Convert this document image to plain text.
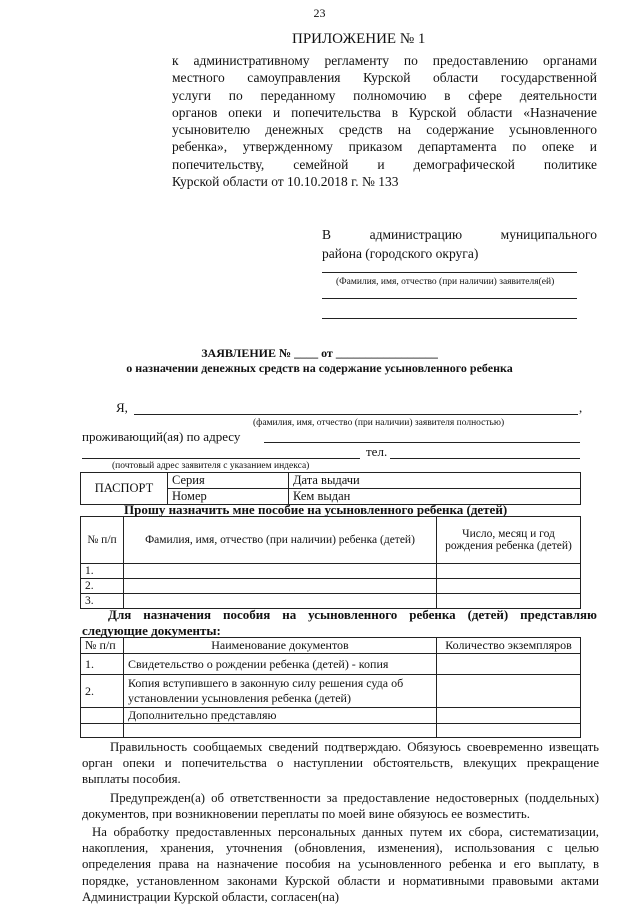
23
ПРИЛОЖЕНИЕ № 1
к административному регламенту по предоставлению органами
местного самоуправления Курской области государственной
услуги по переданному полномочию в сфере деятельности
органов опеки и попечительства в Курской области «Назначение
усыновителю денежных средств на содержание усыновленного
ребенка», утвержденному приказом департамента по опеке и
попечительству, семейной и демографической политике
Курской области от 10.10.2018 г. № 133
В администрацию муниципального
района (городского округа)
(Фамилия, имя, отчество (при наличии) заявителя(ей)
ЗАЯВЛЕНИЕ № ____ от _________________
о назначении денежных средств на содержание усыновленного ребенка
Я,	,
(фамилия, имя, отчество (при наличии) заявителя полностью)
проживающий(ая) по адресу
тел.
(почтовый адрес заявителя с указанием индекса)
ПАСПОРТ	Серия	Дата выдачи
	Номер	Кем выдан
Прошу назначить мне пособие на усыновленного ребенка (детей)
№ п/п	Фамилия, имя, отчество (при наличии) ребенка (детей)	Число, месяц и год рождения ребенка (детей)
1.		
2.		
3.		
Для назначения пособия на усыновленного ребенка (детей) представляю
следующие документы:
№ п/п	Наименование документов	Количество экземпляров
1.	Свидетельство о рождении ребенка (детей) - копия	
2.	Копия вступившего в законную силу решения суда об
установлении усыновления ребенка (детей)	

	Дополнительно представляю	

Правильность сообщаемых сведений подтверждаю. Обязуюсь своевременно извещать
орган опеки и попечительства о наступлении обстоятельств, влекущих прекращение
выплаты пособия.
Предупрежден(а) об ответственности за предоставление недостоверных (поддельных)
документов, при возникновении переплаты по моей вине обязуюсь ее возместить.
На обработку предоставленных персональных данных путем их сбора, систематизации,
накопления, хранения, уточнения (обновления, изменения), использования с целью
определения права на назначение пособия на усыновленного ребенка и его выплату, в
порядке, установленном законами Курской области и нормативными правовыми актами
Администрации Курской области, согласен(на)
